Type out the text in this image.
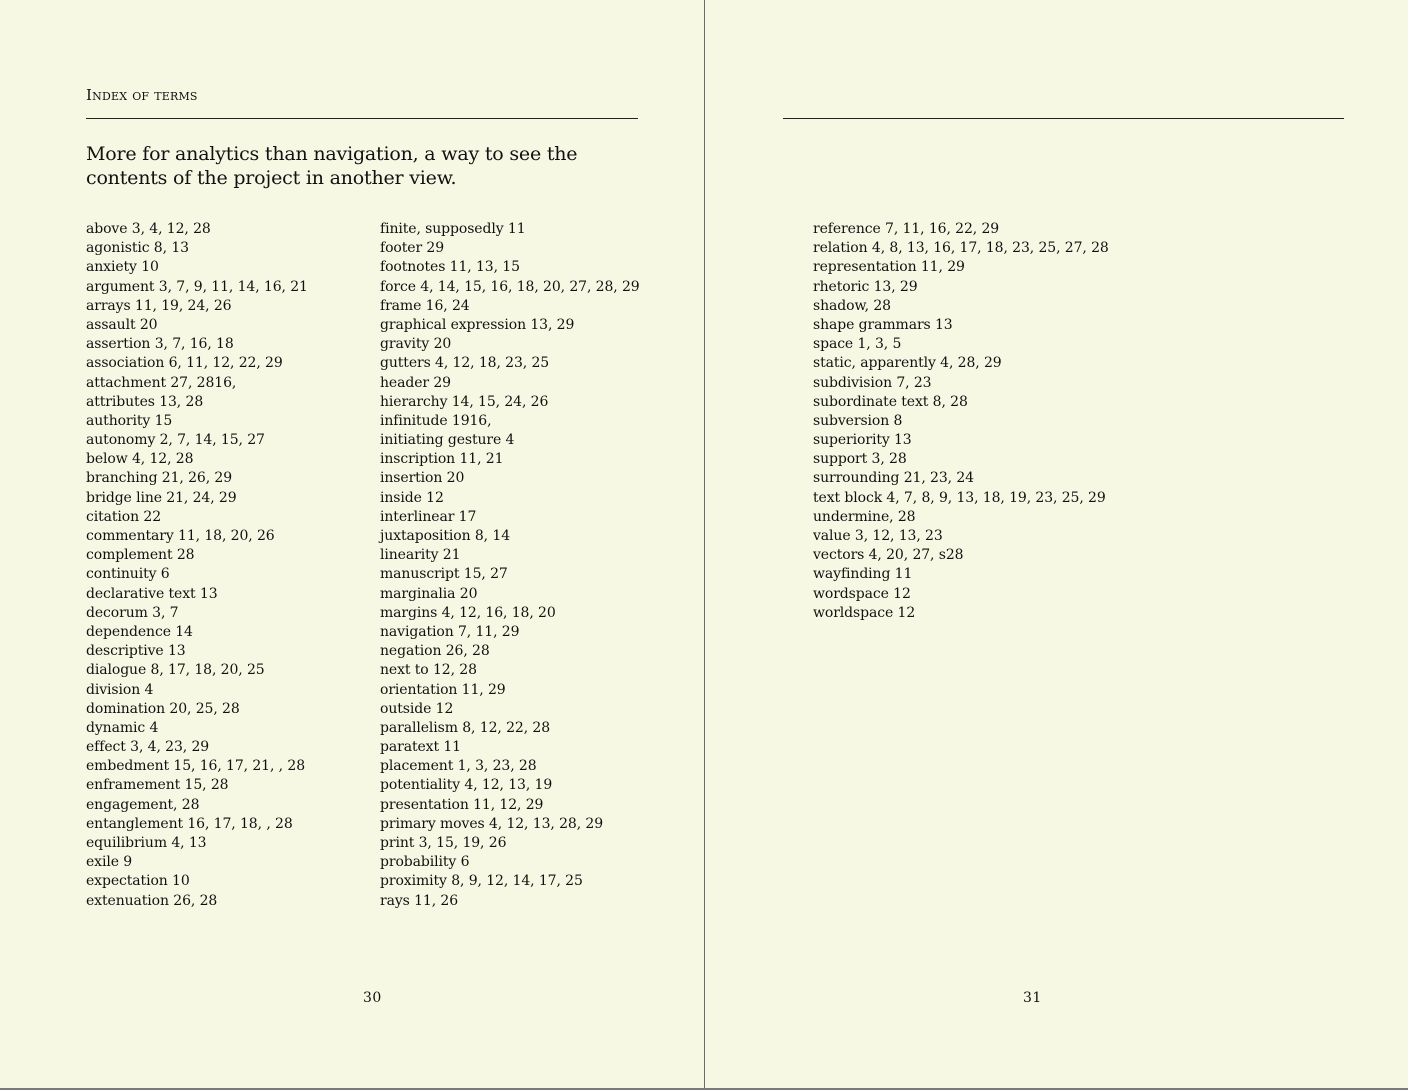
Index of terms
More for analytics than navigation, a way to see the contents of the project in another view.
above 3, 4, 12, 28
agonistic 8, 13
anxiety 10
argument 3, 7, 9, 11, 14, 16, 21
arrays 11, 19, 24, 26
assault 20
assertion 3, 7, 16, 18
association 6, 11, 12, 22, 29
attachment 27, 2816,
attributes 13, 28
authority 15
autonomy 2, 7, 14, 15, 27
below 4, 12, 28
branching 21, 26, 29
bridge line 21, 24, 29
citation 22
commentary 11, 18, 20, 26
complement 28
continuity 6
declarative text 13
decorum 3, 7
dependence 14
descriptive 13
dialogue 8, 17, 18, 20, 25
division 4
domination 20, 25, 28
dynamic 4
effect 3, 4, 23, 29
embedment 15, 16, 17, 21, , 28
enframement 15, 28
engagement, 28
entanglement 16, 17, 18, , 28
equilibrium 4, 13
exile 9
expectation 10
extenuation 26, 28
finite, supposedly 11
footer 29
footnotes 11, 13, 15
force 4, 14, 15, 16, 18, 20, 27, 28, 29
frame 16, 24
graphical expression 13, 29
gravity 20
gutters 4, 12, 18, 23, 25
header 29
hierarchy 14, 15, 24, 26
infinitude 1916,
initiating gesture 4
inscription 11, 21
insertion 20
inside 12
interlinear 17
juxtaposition 8, 14
linearity 21
manuscript 15, 27
marginalia 20
margins 4, 12, 16, 18, 20
navigation 7, 11, 29
negation 26, 28
next to 12, 28
orientation 11, 29
outside 12
parallelism 8, 12, 22, 28
paratext 11
placement 1, 3, 23, 28
potentiality 4, 12, 13, 19
presentation 11, 12, 29
primary moves 4, 12, 13, 28, 29
print 3, 15, 19, 26
probability 6
proximity 8, 9, 12, 14, 17, 25
rays 11, 26
30
reference 7, 11, 16, 22, 29
relation 4, 8, 13, 16, 17, 18, 23, 25, 27, 28
representation 11, 29
rhetoric 13, 29
shadow, 28
shape grammars 13
space 1, 3, 5
static, apparently 4, 28, 29
subdivision 7, 23
subordinate text 8, 28
subversion 8
superiority 13
support 3, 28
surrounding 21, 23, 24
text block 4, 7, 8, 9, 13, 18, 19, 23, 25, 29
undermine, 28
value 3, 12, 13, 23
vectors 4, 20, 27, s28
wayfinding 11
wordspace 12
worldspace 12
31
